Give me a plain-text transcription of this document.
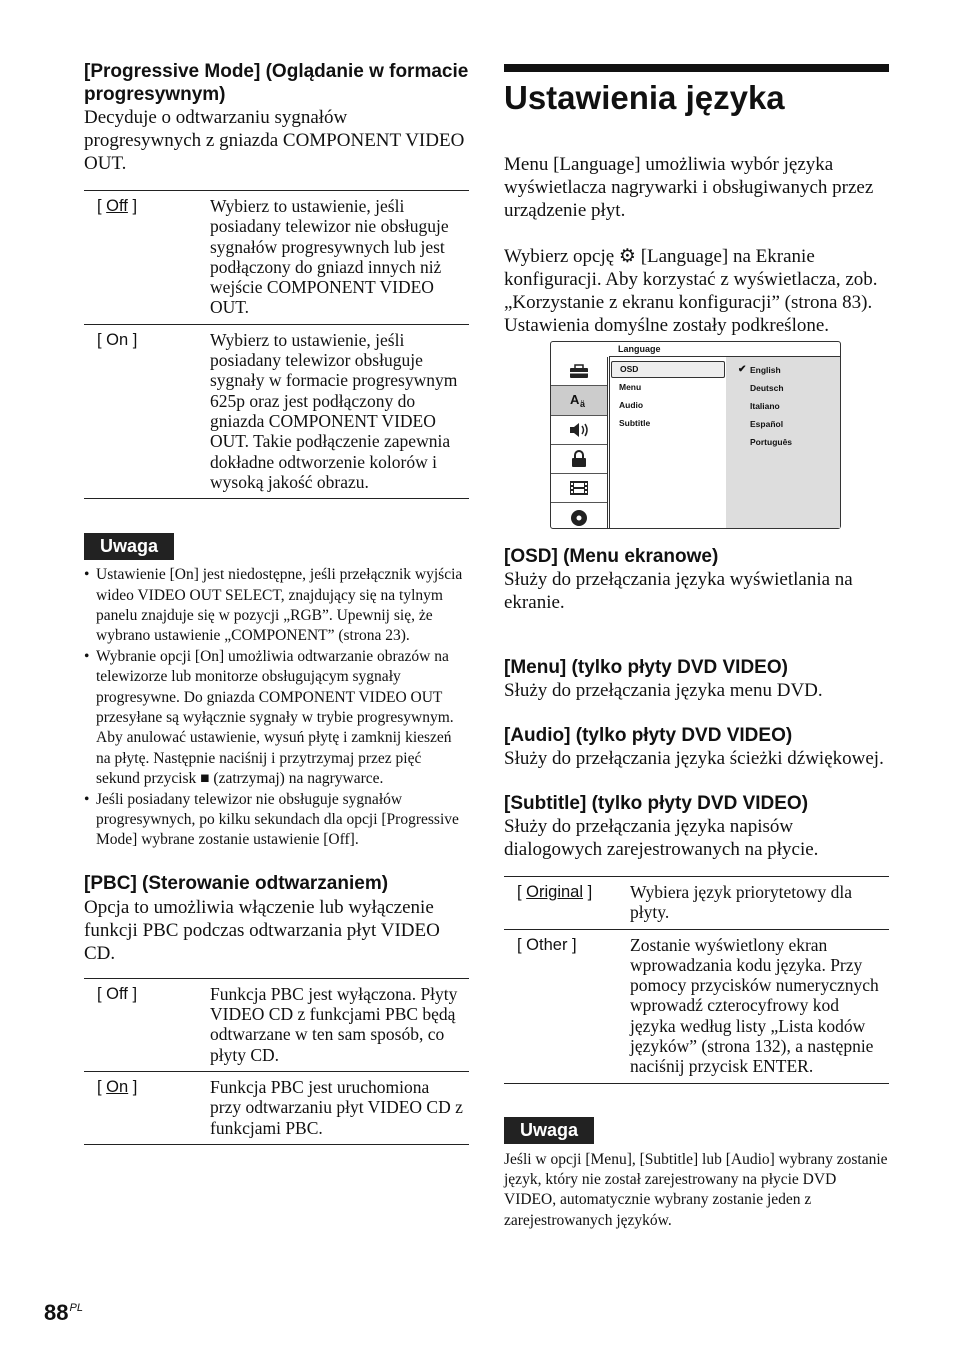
[Progressive Mode] (Oglądanie w formacie progresywnym)

Decyduje o odtwarzaniu sygnałów progresywnych z gniazda COMPONENT VIDEO OUT.

[ Off ]	Wybierz to ustawienie, jeśli posiadany telewizor nie obsługuje sygnałów progresywnych lub jest podłączony do gniazd innych niż wejście COMPONENT VIDEO OUT.
[ On ]	Wybierz to ustawienie, jeśli posiadany telewizor obsługuje sygnały w formacie progresywnym 625p oraz jest podłączony do gniazda COMPONENT VIDEO OUT. Takie podłączenie zapewnia dokładne odtworzenie kolorów i wysoką jakość obrazu.
Uwaga
• Ustawienie [On] jest niedostępne, jeśli przełącznik wyjścia wideo VIDEO OUT SELECT, znajdujący się na tylnym panelu znajduje się w pozycji „RGB”. Upewnij się, że wybrano ustawienie „COMPONENT” (strona 23).
• Wybranie opcji [On] umożliwia odtwarzanie obrazów na telewizorze lub monitorze obsługującym sygnały progresywne. Do gniazda COMPONENT VIDEO OUT przesyłane są wyłącznie sygnały w trybie progresywnym. Aby anulować ustawienie, wysuń płytę i zamknij kieszeń na płytę. Następnie naciśnij i przytrzymaj przez pięć sekund przycisk ■ (zatrzymaj) na nagrywarce.
• Jeśli posiadany telewizor nie obsługuje sygnałów progresywnych, po kilku sekundach dla opcji [Progressive Mode] wybrane zostanie ustawienie [Off].
[PBC] (Sterowanie odtwarzaniem)

Opcja to umożliwia włączenie lub wyłączenie funkcji PBC podczas odtwarzania płyt VIDEO CD.

[ Off ]	Funkcja PBC jest wyłączona. Płyty VIDEO CD z funkcjami PBC będą odtwarzane w ten sam sposób, co płyty CD.
[ On ]	Funkcja PBC jest uruchomiona przy odtwarzaniu płyt VIDEO CD z funkcjami PBC.
Ustawienia języka

Menu [Language] umożliwia wybór języka wyświetlacza nagrywarki i obsługiwanych przez urządzenie płyt.

Wybierz opcję ⚙ [Language] na Ekranie konfiguracji. Aby korzystać z wyświetlacza, zob. „Korzystanie z ekranu konfiguracji” (strona 83). Ustawienia domyślne zostały podkreślone.

Language
A ä
OSD
Menu
Audio
Subtitle
✔ English
Deutsch
Italiano
Español
Português
[OSD] (Menu ekranowe)

Służy do przełączania języka wyświetlania na ekranie.

[Menu] (tylko płyty DVD VIDEO)

Służy do przełączania języka menu DVD.

[Audio] (tylko płyty DVD VIDEO)

Służy do przełączania języka ścieżki dźwiękowej.

[Subtitle] (tylko płyty DVD VIDEO)

Służy do przełączania języka napisów dialogowych zarejestrowanych na płycie.

[ Original ]	Wybiera język priorytetowy dla płyty.
[ Other ]	Zostanie wyświetlony ekran wprowadzania kodu języka. Przy pomocy przycisków numerycznych wprowadź czterocyfrowy kod języka według listy „Lista kodów języków” (strona 132), a następnie naciśnij przycisk ENTER.
Uwaga

Jeśli w opcji [Menu], [Subtitle] lub [Audio] wybrany zostanie język, który nie został zarejestrowany na płycie DVD VIDEO, automatycznie wybrany zostanie jeden z zarejestrowanych języków.

$88^{PL}$
